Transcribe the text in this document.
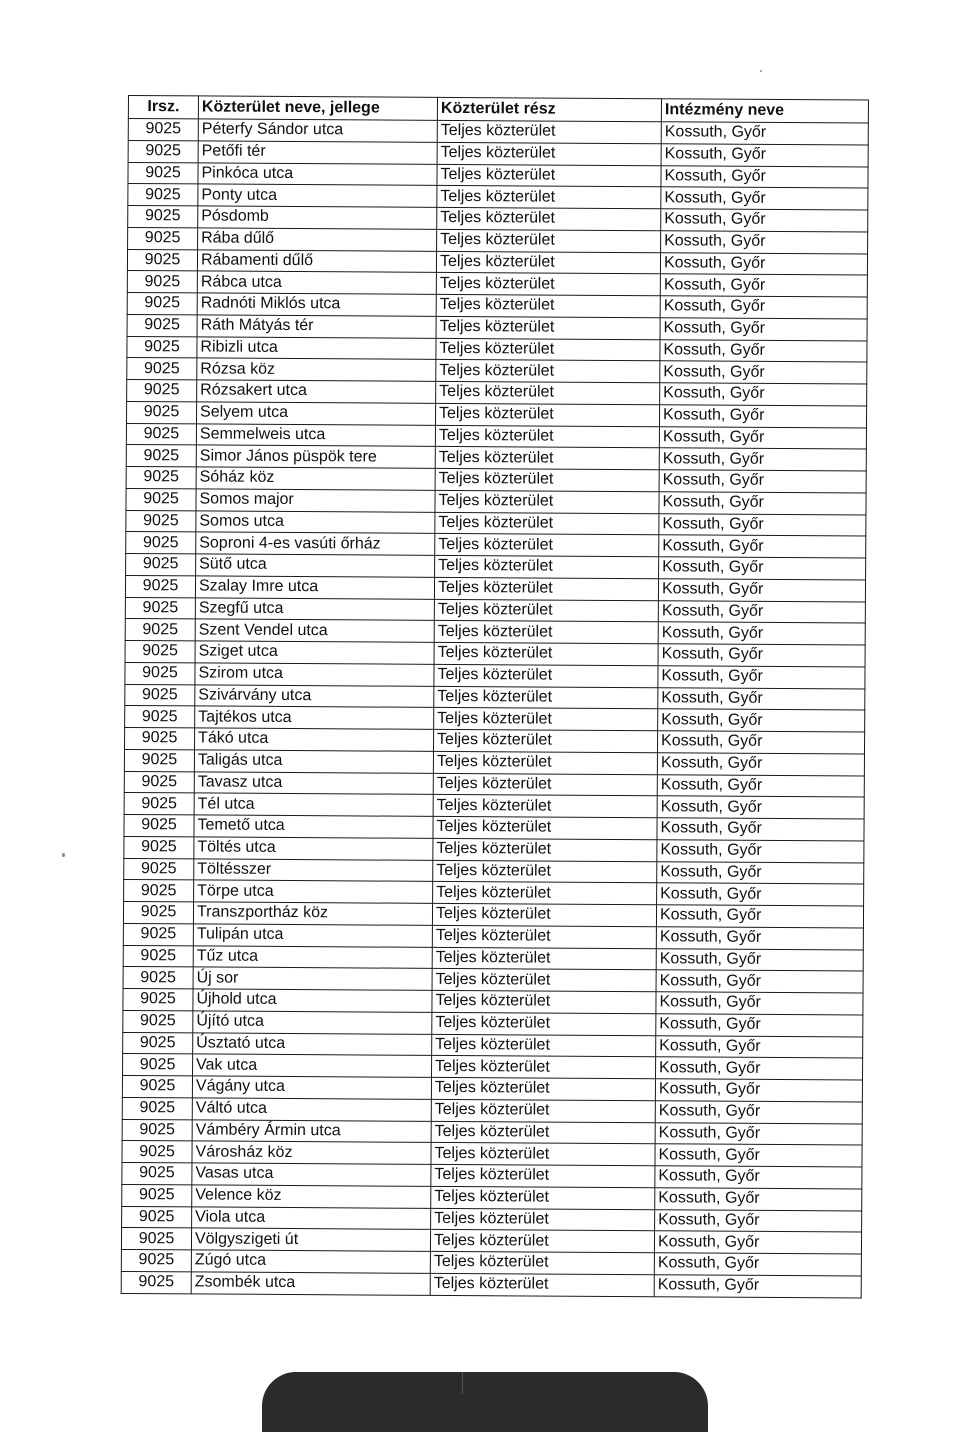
Irsz.	Közterület neve, jellege	Közterület rész	Intézmény neve
9025	Péterfy Sándor utca	Teljes közterület	Kossuth, Győr
9025	Petőfi tér	Teljes közterület	Kossuth, Győr
9025	Pinkóca utca	Teljes közterület	Kossuth, Győr
9025	Ponty utca	Teljes közterület	Kossuth, Győr
9025	Pósdomb	Teljes közterület	Kossuth, Győr
9025	Rába dűlő	Teljes közterület	Kossuth, Győr
9025	Rábamenti dűlő	Teljes közterület	Kossuth, Győr
9025	Rábca utca	Teljes közterület	Kossuth, Győr
9025	Radnóti Miklós utca	Teljes közterület	Kossuth, Győr
9025	Ráth Mátyás tér	Teljes közterület	Kossuth, Győr
9025	Ribizli utca	Teljes közterület	Kossuth, Győr
9025	Rózsa köz	Teljes közterület	Kossuth, Győr
9025	Rózsakert utca	Teljes közterület	Kossuth, Győr
9025	Selyem utca	Teljes közterület	Kossuth, Győr
9025	Semmelweis utca	Teljes közterület	Kossuth, Győr
9025	Simor János püspök tere	Teljes közterület	Kossuth, Győr
9025	Sóház köz	Teljes közterület	Kossuth, Győr
9025	Somos major	Teljes közterület	Kossuth, Győr
9025	Somos utca	Teljes közterület	Kossuth, Győr
9025	Soproni 4-es vasúti őrház	Teljes közterület	Kossuth, Győr
9025	Sütő utca	Teljes közterület	Kossuth, Győr
9025	Szalay Imre utca	Teljes közterület	Kossuth, Győr
9025	Szegfű utca	Teljes közterület	Kossuth, Győr
9025	Szent Vendel utca	Teljes közterület	Kossuth, Győr
9025	Sziget utca	Teljes közterület	Kossuth, Győr
9025	Szirom utca	Teljes közterület	Kossuth, Győr
9025	Szivárvány utca	Teljes közterület	Kossuth, Győr
9025	Tajtékos utca	Teljes közterület	Kossuth, Győr
9025	Tákó utca	Teljes közterület	Kossuth, Győr
9025	Taligás utca	Teljes közterület	Kossuth, Győr
9025	Tavasz utca	Teljes közterület	Kossuth, Győr
9025	Tél utca	Teljes közterület	Kossuth, Győr
9025	Temető utca	Teljes közterület	Kossuth, Győr
9025	Töltés utca	Teljes közterület	Kossuth, Győr
9025	Töltésszer	Teljes közterület	Kossuth, Győr
9025	Törpe utca	Teljes közterület	Kossuth, Győr
9025	Transzportház köz	Teljes közterület	Kossuth, Győr
9025	Tulipán utca	Teljes közterület	Kossuth, Győr
9025	Tűz utca	Teljes közterület	Kossuth, Győr
9025	Új sor	Teljes közterület	Kossuth, Győr
9025	Újhold utca	Teljes közterület	Kossuth, Győr
9025	Újító utca	Teljes közterület	Kossuth, Győr
9025	Úsztató utca	Teljes közterület	Kossuth, Győr
9025	Vak utca	Teljes közterület	Kossuth, Győr
9025	Vágány utca	Teljes közterület	Kossuth, Győr
9025	Váltó utca	Teljes közterület	Kossuth, Győr
9025	Vámbéry Ármin utca	Teljes közterület	Kossuth, Győr
9025	Városház köz	Teljes közterület	Kossuth, Győr
9025	Vasas utca	Teljes közterület	Kossuth, Győr
9025	Velence köz	Teljes közterület	Kossuth, Győr
9025	Viola utca	Teljes közterület	Kossuth, Győr
9025	Völgyszigeti út	Teljes közterület	Kossuth, Győr
9025	Zúgó utca	Teljes közterület	Kossuth, Győr
9025	Zsombék utca	Teljes közterület	Kossuth, Győr
